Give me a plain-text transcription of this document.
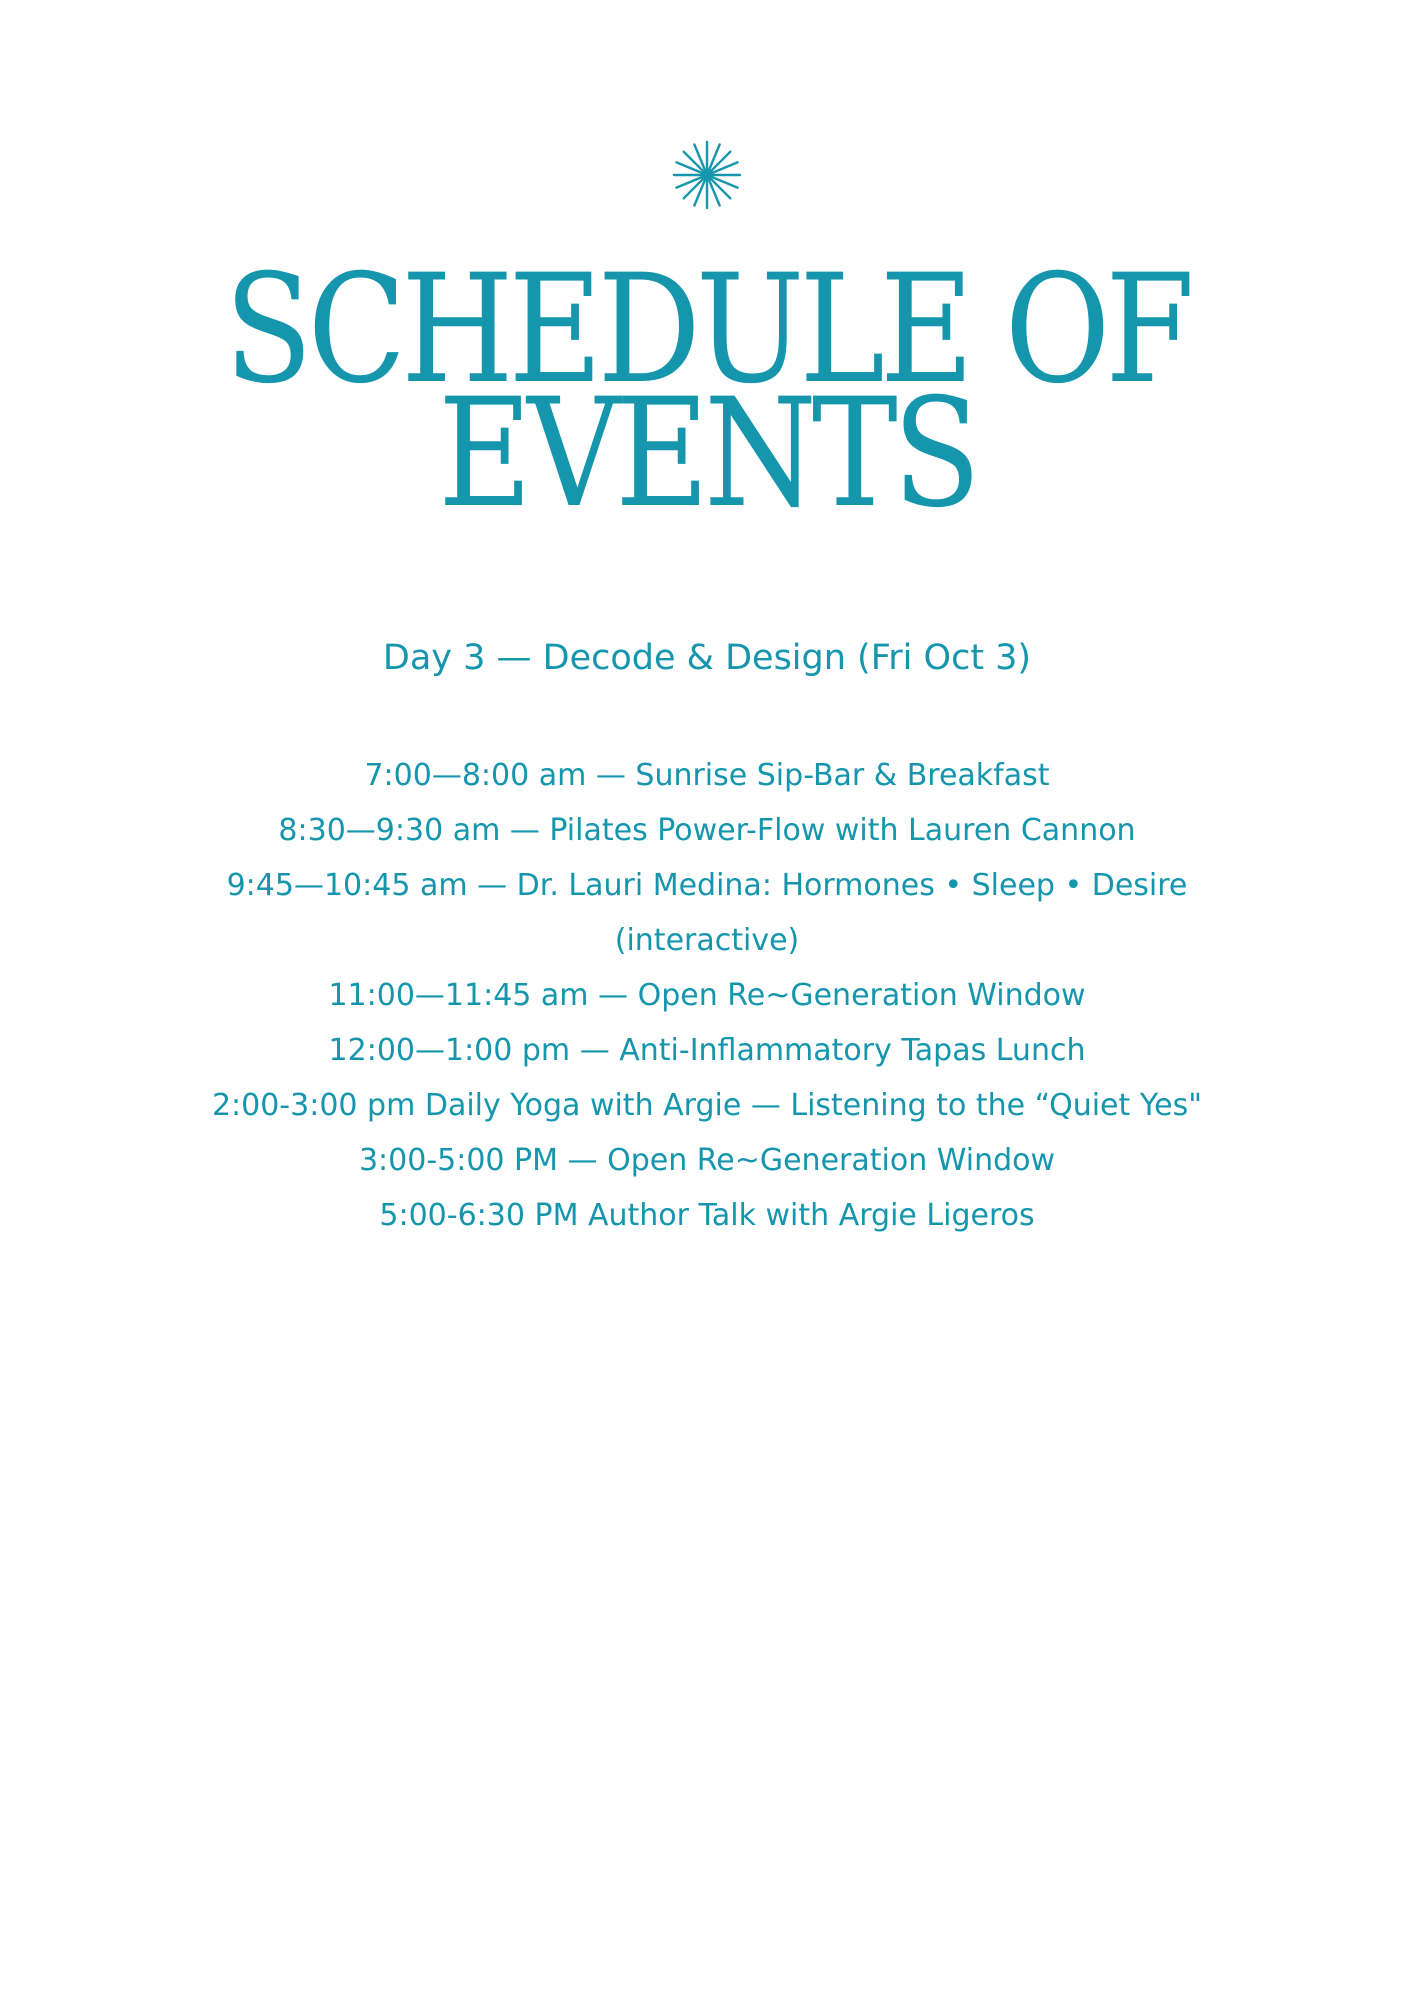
SCHEDULE OF
EVENTS

Day 3 — Decode & Design (Fri Oct 3)

7:00—8:00 am — Sunrise Sip-Bar & Breakfast
8:30—9:30 am — Pilates Power-Flow with Lauren Cannon
9:45—10:45 am — Dr. Lauri Medina: Hormones • Sleep • Desire
(interactive)
11:00—11:45 am — Open Re~Generation Window
12:00—1:00 pm — Anti-Inflammatory Tapas Lunch
2:00-3:00 pm Daily Yoga with Argie — Listening to the “Quiet Yes"
3:00-5:00 PM — Open Re~Generation Window
5:00-6:30 PM Author Talk with Argie Ligeros
